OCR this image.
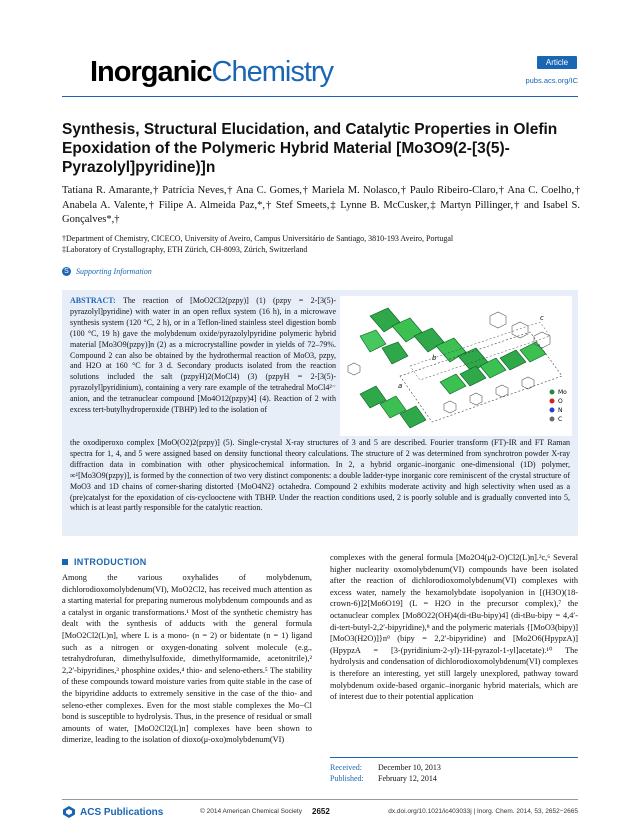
InorganicChemistry	Article
pubs.acs.org/IC
Synthesis, Structural Elucidation, and Catalytic Properties in Olefin Epoxidation of the Polymeric Hybrid Material [Mo3O9(2-[3(5)-Pyrazolyl]pyridine)]n
Tatiana R. Amarante,† Patrícia Neves,† Ana C. Gomes,† Mariela M. Nolasco,† Paulo Ribeiro-Claro,† Ana C. Coelho,† Anabela A. Valente,† Filipe A. Almeida Paz,*,† Stef Smeets,‡ Lynne B. McCusker,‡ Martyn Pillinger,† and Isabel S. Gonçalves*,†
†Department of Chemistry, CICECO, University of Aveiro, Campus Universitário de Santiago, 3810-193 Aveiro, Portugal
‡Laboratory of Crystallography, ETH Zürich, CH-8093, Zürich, Switzerland
S Supporting Information
ABSTRACT: The reaction of [MoO2Cl2(pzpy)] (1) (pzpy = 2-[3(5)-pyrazolyl]pyridine) with water in an open reflux system (16 h), in a microwave synthesis system (120 °C, 2 h), or in a Teflon-lined stainless steel digestion bomb (100 °C, 19 h) gave the molybdenum oxide/pyrazolylpyridine polymeric hybrid material [Mo3O9(pzpy)]n (2) as a microcrystalline powder in yields of 72–79%. Compound 2 can also be obtained by the hydrothermal reaction of MoO3, pzpy, and H2O at 160 °C for 3 d. Secondary products isolated from the reaction solutions included the salt (pzpyH)2(MoCl4) (3) (pzpyH = 2-[3(5)-pyrazolyl]pyridinium), containing a very rare example of the tetrahedral MoCl4²⁻ anion, and the tetranuclear compound [Mo4O12(pzpy)4] (4). Reaction of 2 with excess tert-butylhydroperoxide (TBHP) led to the isolation of
a
b
c
Mo
O
N
C
the oxodiperoxo complex [MoO(O2)2(pzpy)] (5). Single-crystal X-ray structures of 3 and 5 are described. Fourier transform (FT)-IR and FT Raman spectra for 1, 4, and 5 were assigned based on density functional theory calculations. The structure of 2 was determined from synchrotron powder X-ray diffraction data in combination with other physicochemical information. In 2, a hybrid organic–inorganic one-dimensional (1D) polymer, ∞¹[Mo3O9(pzpy)], is formed by the connection of two very distinct components: a double ladder-type inorganic core reminiscent of the crystal structure of MoO3 and 1D chains of corner-sharing distorted {MoO4N2} octahedra. Compound 2 exhibits moderate activity and high selectivity when used as a (pre)catalyst for the epoxidation of cis-cyclooctene with TBHP. Under the reaction conditions used, 2 is poorly soluble and is gradually converted into 5, which is at least partly responsible for the catalytic reaction.
INTRODUCTION
Among the various oxyhalides of molybdenum, dichlorodioxomolybdenum(VI), MoO2Cl2, has received much attention as a starting material for preparing numerous molybdenum compounds and as a catalyst in organic transformations.¹ Most of the synthetic chemistry has dealt with the synthesis of adducts with the general formula [MoO2Cl2(L)n], where L is a mono- (n = 2) or bidentate (n = 1) ligand such as a nitrogen or oxygen-donating solvent molecule (e.g., tetrahydrofuran, dimethylsulfoxide, dimethylformamide, acetonitrile),² 2,2′-bipyridines,³ phosphine oxides,⁴ thio- and seleno-ethers.⁵ The stability of these compounds toward moisture varies from quite stable in the case of the bipyridine adducts to extremely sensitive in the case of the thio- and seleno-ether complexes. Even for the most stable complexes the Mo−Cl bond is susceptible to hydrolysis. Thus, in the presence of residual or small amounts of water, [MoO2Cl2(L)n] complexes have been shown to dimerize, leading to the isolation of dioxo(μ-oxo)molybdenum(VI)
complexes with the general formula [Mo2O4(μ2-O)Cl2(L)n].²c,⁶ Several higher nuclearity oxomolybdenum(VI) compounds have been isolated after the reaction of dichlorodioxomolybdenum(VI) complexes with excess water, namely the hexamolybdate isopolyanion in [(H3O)(18-crown-6)]2[Mo6O19] (L = H2O in the precursor complex),⁷ the octanuclear complex [Mo8O22(OH)4(di-tBu-bipy)4] (di-tBu-bipy = 4,4′-di-tert-butyl-2,2′-bipyridine),⁸ and the polymeric materials {[MoO3(bipy)][MoO3(H2O)]}n⁹ (bipy = 2,2′-bipyridine) and [Mo2O6(HpypzA)] (HpypzA = [3-(pyridinium-2-yl)-1H-pyrazol-1-yl]acetate).¹⁰ The hydrolysis and condensation of dichlorodioxomolybdenum(VI) complexes is therefore an interesting, yet still largely unexplored, pathway toward molybdenum oxide-based organic–inorganic hybrid materials, which are of interest due to their potential application
Received: December 10, 2013
Published: February 12, 2014
ACS Publications	© 2014 American Chemical Society 2652	dx.doi.org/10.1021/ic403033j | Inorg. Chem. 2014, 53, 2652−2665
